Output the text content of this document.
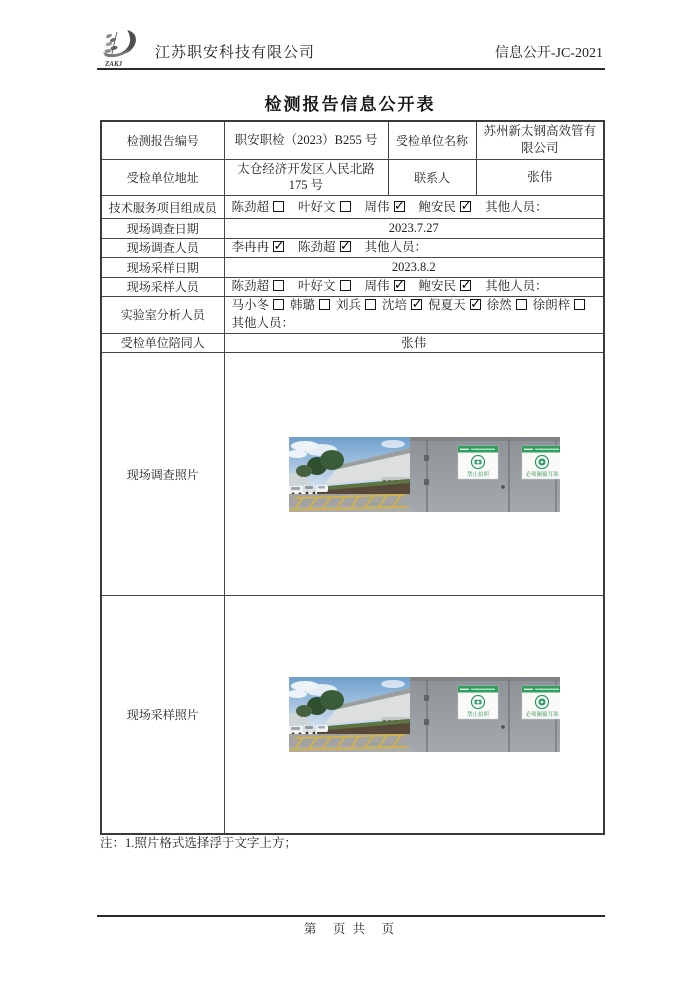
ZAKJ
江苏职安科技有限公司	信息公开-JC-2021
检测报告信息公开表
检测报告编号	职安职检（2023）B255 号	受检单位名称	苏州新太钢高效管有限公司
受检单位地址	太仓经济开发区人民北路175 号	联系人	张伟
技术服务项目组成员	陈劲超 叶好文 周伟 ✓ 鲍安民 ✓ 其他人员：
现场调查日期	2023.7.27		
现场调查人员	李冉冉 ✓ 陈劲超 ✓ 其他人员：
现场采样日期	2023.8.2		
现场采样人员	陈劲超 叶好文 周伟 ✓ 鲍安民 ✓ 其他人员：
实验室分析人员	马小冬 韩璐 刘兵 沈培 ✓ 倪夏天 ✓ 徐然 徐朗梓
其他人员：

受检单位陪同人	张伟		
现场调查照片	禁止拍照 必须佩戴耳塞		

现场采样照片	禁止拍照 必须佩戴耳塞		
注：1.照片格式选择浮于文字上方；
第　页 共　页
